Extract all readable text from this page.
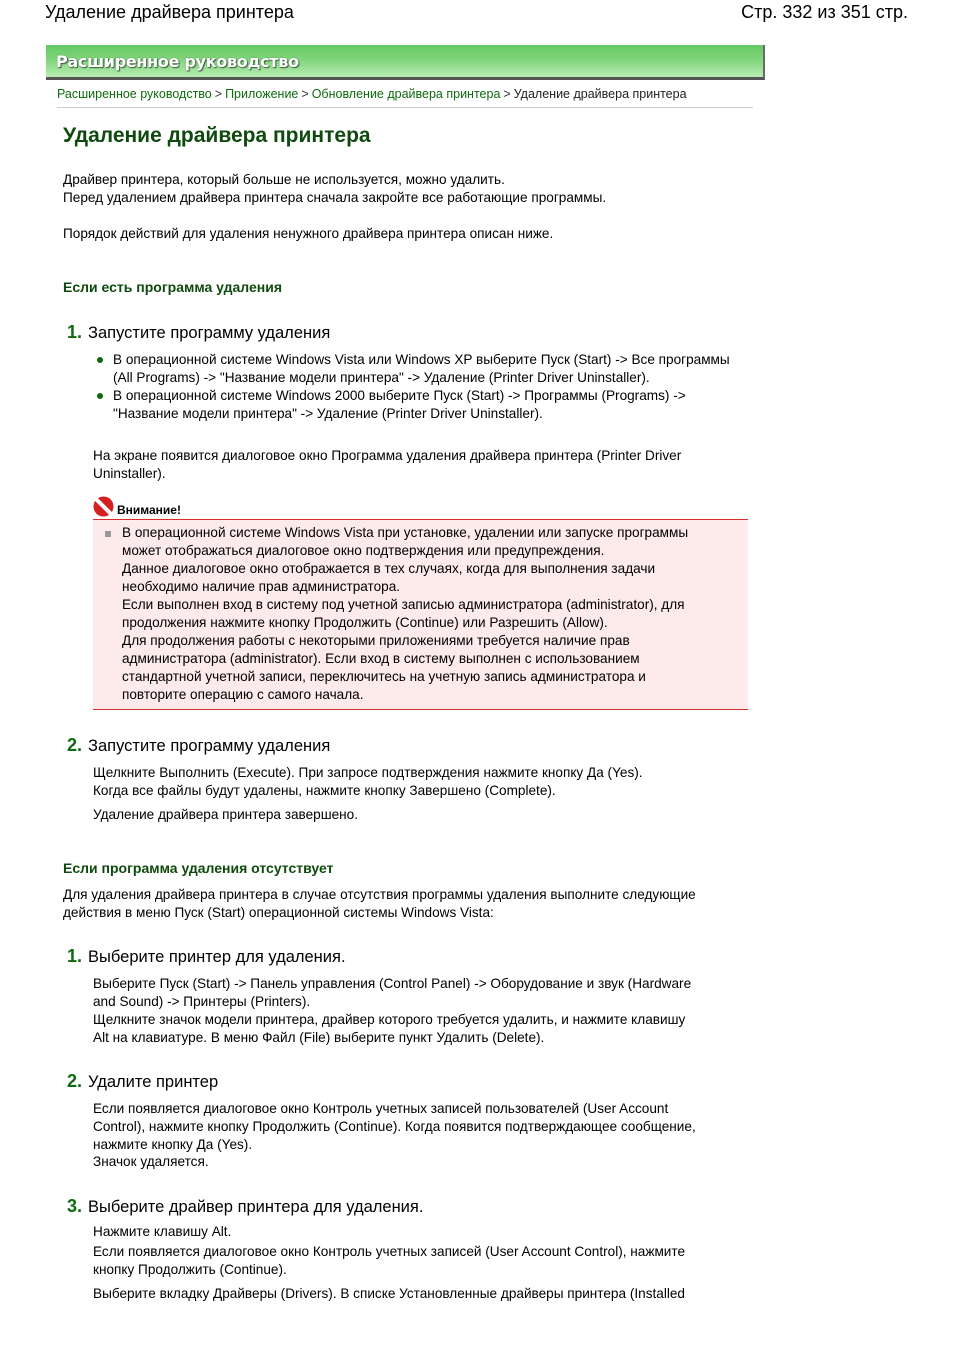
Удаление драйвера принтера	Стр. 332 из 351 стр.
Расширенное руководство
Расширенное руководство > Приложение > Обновление драйвера принтера > Удаление драйвера принтера
Удаление драйвера принтера

Драйвер принтера, который больше не используется, можно удалить.

Перед удалением драйвера принтера сначала закройте все работающие программы.

Порядок действий для удаления ненужного драйвера принтера описан ниже.

Если есть программа удаления
1. Запустите программу удаления
В операционной системе Windows Vista или Windows XP выберите Пуск (Start) -> Все программы (All Programs) -> "Название модели принтера" -> Удаление (Printer Driver Uninstaller).
В операционной системе Windows 2000 выберите Пуск (Start) -> Программы (Programs) -> "Название модели принтера" -> Удаление (Printer Driver Uninstaller).

На экране появится диалоговое окно Программа удаления драйвера принтера (Printer Driver Uninstaller).

Внимание!
В операционной системе Windows Vista при установке, удалении или запуске программы
может отображаться диалоговое окно подтверждения или предупреждения.
Данное диалоговое окно отображается в тех случаях, когда для выполнения задачи
необходимо наличие прав администратора.
Если выполнен вход в систему под учетной записью администратора (administrator), для
продолжения нажмите кнопку Продолжить (Continue) или Разрешить (Allow).
Для продолжения работы с некоторыми приложениями требуется наличие прав
администратора (administrator). Если вход в систему выполнен с использованием
стандартной учетной записи, переключитесь на учетную запись администратора и
повторите операцию с самого начала.
2. Запустите программу удаления

Щелкните Выполнить (Execute). При запросе подтверждения нажмите кнопку Да (Yes).

Когда все файлы будут удалены, нажмите кнопку Завершено (Complete).

Удаление драйвера принтера завершено.

Если программа удаления отсутствует

Для удаления драйвера принтера в случае отсутствия программы удаления выполните следующие

действия в меню Пуск (Start) операционной системы Windows Vista:

1. Выберите принтер для удаления.

Выберите Пуск (Start) -> Панель управления (Control Panel) -> Оборудование и звук (Hardware

and Sound) -> Принтеры (Printers).

Щелкните значок модели принтера, драйвер которого требуется удалить, и нажмите клавишу

Alt на клавиатуре. В меню Файл (File) выберите пункт Удалить (Delete).

2. Удалите принтер

Если появляется диалоговое окно Контроль учетных записей пользователей (User Account

Control), нажмите кнопку Продолжить (Continue). Когда появится подтверждающее сообщение,

нажмите кнопку Да (Yes).

Значок удаляется.

3. Выберите драйвер принтера для удаления.

Нажмите клавишу Alt.

Если появляется диалоговое окно Контроль учетных записей (User Account Control), нажмите

кнопку Продолжить (Continue).

Выберите вкладку Драйверы (Drivers). В списке Установленные драйверы принтера (Installed
